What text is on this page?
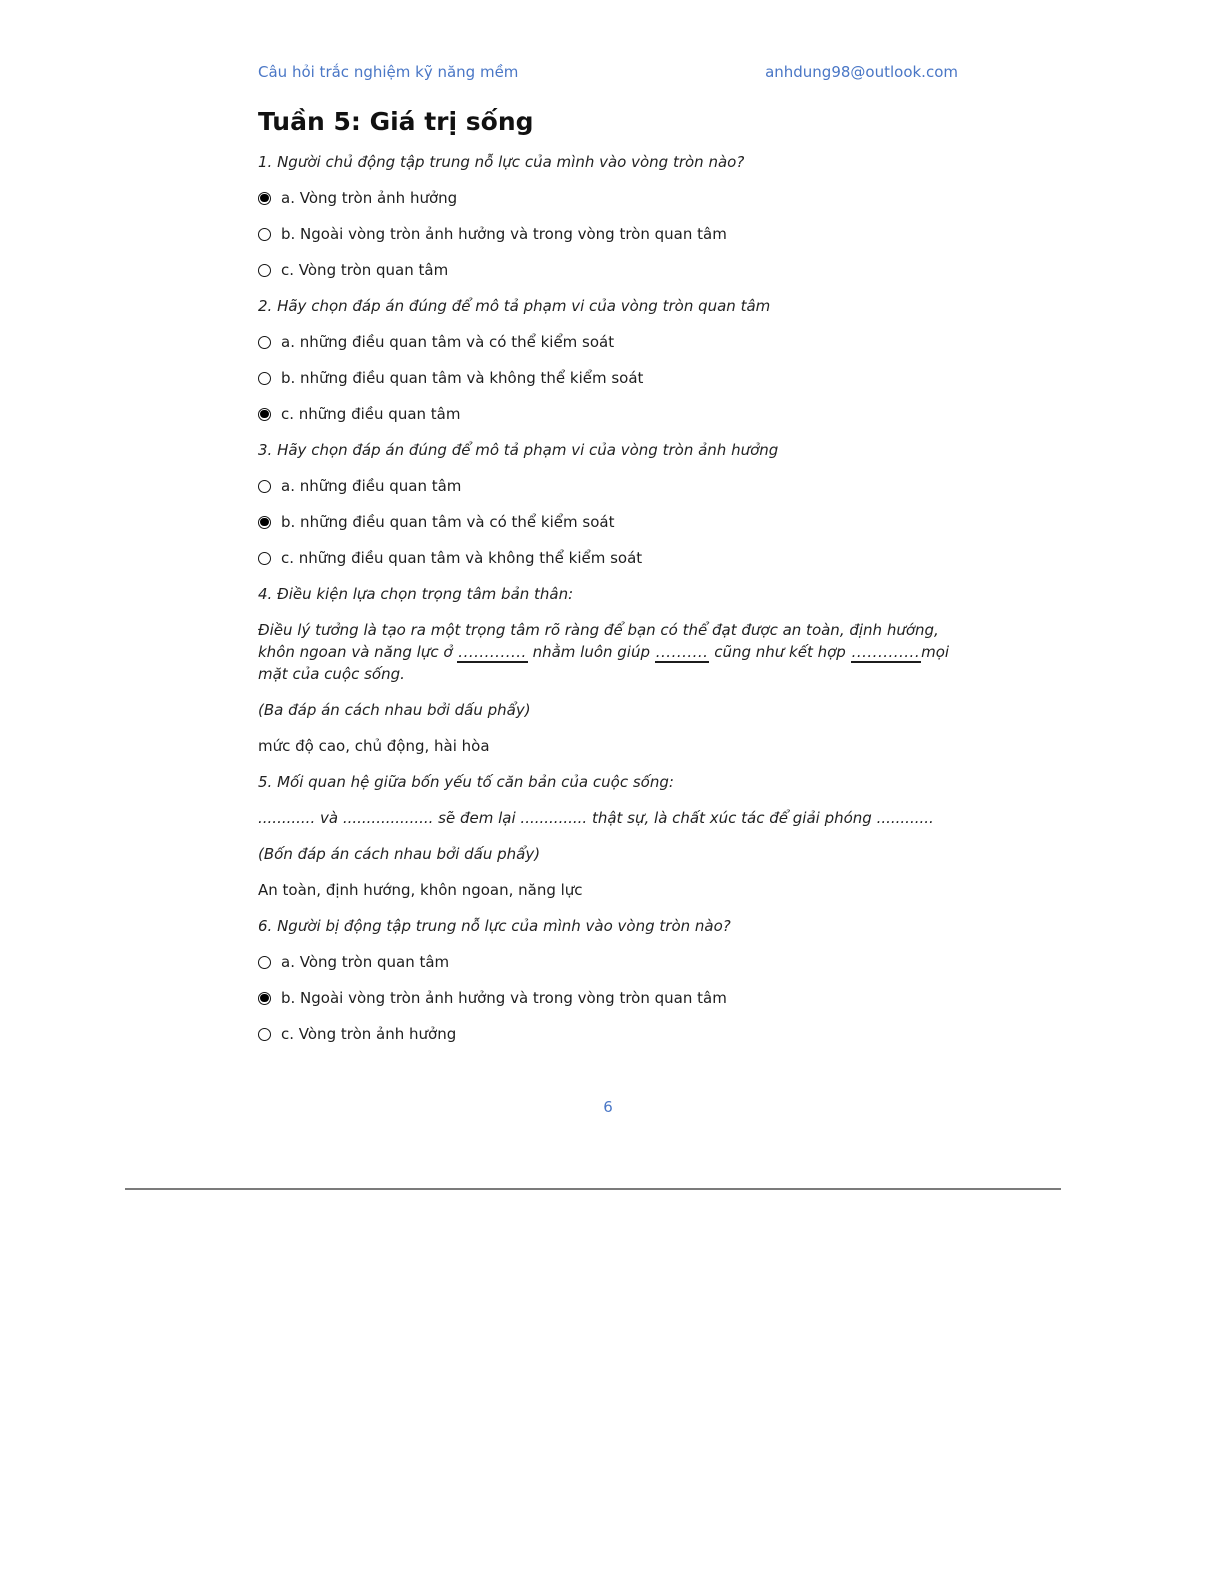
Câu hỏi trắc nghiệm kỹ năng mềm	anhdung98@outlook.com
Tuần 5: Giá trị sống

1. Người chủ động tập trung nỗ lực của mình vào vòng tròn nào?

a. Vòng tròn ảnh hưởng
b. Ngoài vòng tròn ảnh hưởng và trong vòng tròn quan tâm
c. Vòng tròn quan tâm

2. Hãy chọn đáp án đúng để mô tả phạm vi của vòng tròn quan tâm

a. những điều quan tâm và có thể kiểm soát
b. những điều quan tâm và không thể kiểm soát
c. những điều quan tâm

3. Hãy chọn đáp án đúng để mô tả phạm vi của vòng tròn ảnh hưởng

a. những điều quan tâm
b. những điều quan tâm và có thể kiểm soát
c. những điều quan tâm và không thể kiểm soát

4. Điều kiện lựa chọn trọng tâm bản thân:

Điều lý tưởng là tạo ra một trọng tâm rõ ràng để bạn có thể đạt được an toàn, định hướng, khôn ngoan và năng lực ở ............. nhằm luôn giúp .......... cũng như kết hợp .............mọi mặt của cuộc sống.

(Ba đáp án cách nhau bởi dấu phẩy)

mức độ cao, chủ động, hài hòa

5. Mối quan hệ giữa bốn yếu tố căn bản của cuộc sống:

............ và ................... sẽ đem lại .............. thật sự, là chất xúc tác để giải phóng ............

(Bốn đáp án cách nhau bởi dấu phẩy)

An toàn, định hướng, khôn ngoan, năng lực

6. Người bị động tập trung nỗ lực của mình vào vòng tròn nào?

a. Vòng tròn quan tâm
b. Ngoài vòng tròn ảnh hưởng và trong vòng tròn quan tâm
c. Vòng tròn ảnh hưởng
6
